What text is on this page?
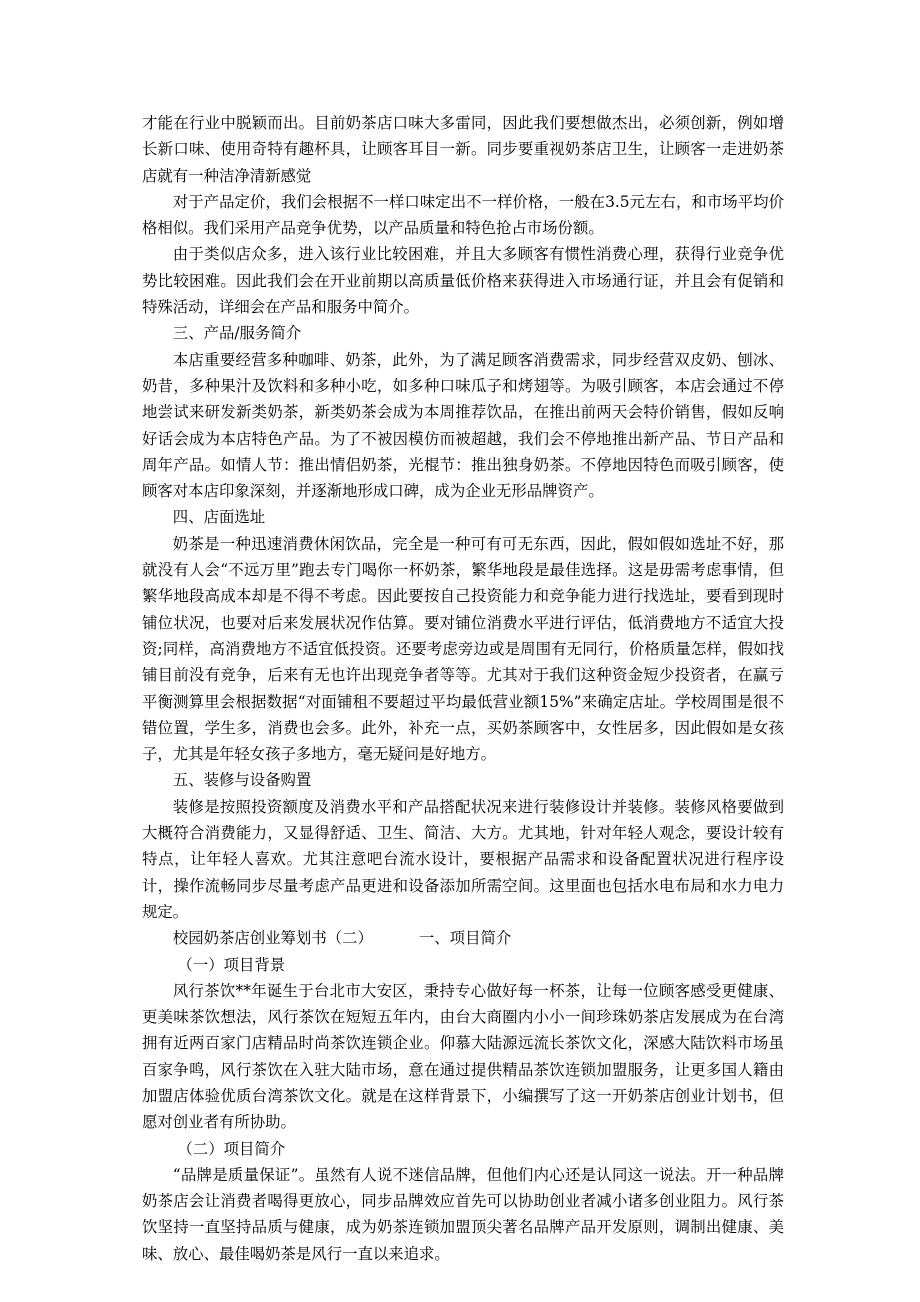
才能在行业中脱颖而出。目前奶茶店口味大多雷同，因此我们要想做杰出，必须创新，例如增长新口味、使用奇特有趣杯具，让顾客耳目一新。同步要重视奶茶店卫生，让顾客一走进奶茶店就有一种洁净清新感觉

对于产品定价，我们会根据不一样口味定出不一样价格，一般在3.5元左右，和市场平均价格相似。我们采用产品竞争优势，以产品质量和特色抢占市场份额。

由于类似店众多，进入该行业比较困难，并且大多顾客有惯性消费心理，获得行业竞争优势比较困难。因此我们会在开业前期以高质量低价格来获得进入市场通行证，并且会有促销和特殊活动，详细会在产品和服务中简介。

三、产品/服务简介

本店重要经营多种咖啡、奶茶，此外，为了满足顾客消费需求，同步经营双皮奶、刨冰、奶昔，多种果汁及饮料和多种小吃，如多种口味瓜子和烤翅等。为吸引顾客，本店会通过不停地尝试来研发新类奶茶，新类奶茶会成为本周推荐饮品，在推出前两天会特价销售，假如反响好话会成为本店特色产品。为了不被因模仿而被超越，我们会不停地推出新产品、节日产品和周年产品。如情人节：推出情侣奶茶，光棍节：推出独身奶茶。不停地因特色而吸引顾客，使顾客对本店印象深刻，并逐渐地形成口碑，成为企业无形品牌资产。

四、店面选址

奶茶是一种迅速消费休闲饮品，完全是一种可有可无东西，因此，假如假如选址不好，那就没有人会“不远万里”跑去专门喝你一杯奶茶，繁华地段是最佳选择。这是毋需考虑事情，但繁华地段高成本却是不得不考虑。因此要按自己投资能力和竞争能力进行找选址，要看到现时铺位状况，也要对后来发展状况作估算。要对铺位消费水平进行评估，低消费地方不适宜大投资;同样，高消费地方不适宜低投资。还要考虑旁边或是周围有无同行，价格质量怎样，假如找铺目前没有竞争，后来有无也许出现竞争者等等。尤其对于我们这种资金短少投资者，在赢亏平衡测算里会根据数据“对面铺租不要超过平均最低营业额15%”来确定店址。学校周围是很不错位置，学生多，消费也会多。此外，补充一点，买奶茶顾客中，女性居多，因此假如是女孩子，尤其是年轻女孩子多地方，毫无疑问是好地方。

五、装修与设备购置

装修是按照投资额度及消费水平和产品搭配状况来进行装修设计并装修。装修风格要做到大概符合消费能力，又显得舒适、卫生、简洁、大方。尤其地，针对年轻人观念，要设计较有特点，让年轻人喜欢。尤其注意吧台流水设计，要根据产品需求和设备配置状况进行程序设计，操作流畅同步尽量考虑产品更进和设备添加所需空间。这里面也包括水电布局和水力电力规定。

校园奶茶店创业筹划书（二）	一、项目简介

（一）项目背景

风行茶饮**年诞生于台北市大安区，秉持专心做好每一杯茶，让每一位顾客感受更健康、更美味茶饮想法，风行茶饮在短短五年内，由台大商圈内小小一间珍珠奶茶店发展成为在台湾拥有近两百家门店精品时尚茶饮连锁企业。仰慕大陆源远流长茶饮文化，深感大陆饮料市场虽百家争鸣，风行茶饮在入驻大陆市场，意在通过提供精品茶饮连锁加盟服务，让更多国人籍由加盟店体验优质台湾茶饮文化。就是在这样背景下，小编撰写了这一开奶茶店创业计划书，但愿对创业者有所协助。

（二）项目简介

“品牌是质量保证”。虽然有人说不迷信品牌，但他们内心还是认同这一说法。开一种品牌奶茶店会让消费者喝得更放心，同步品牌效应首先可以协助创业者减小诸多创业阻力。风行茶饮坚持一直坚持品质与健康，成为奶茶连锁加盟顶尖著名品牌产品开发原则，调制出健康、美味、放心、最佳喝奶茶是风行一直以来追求。
